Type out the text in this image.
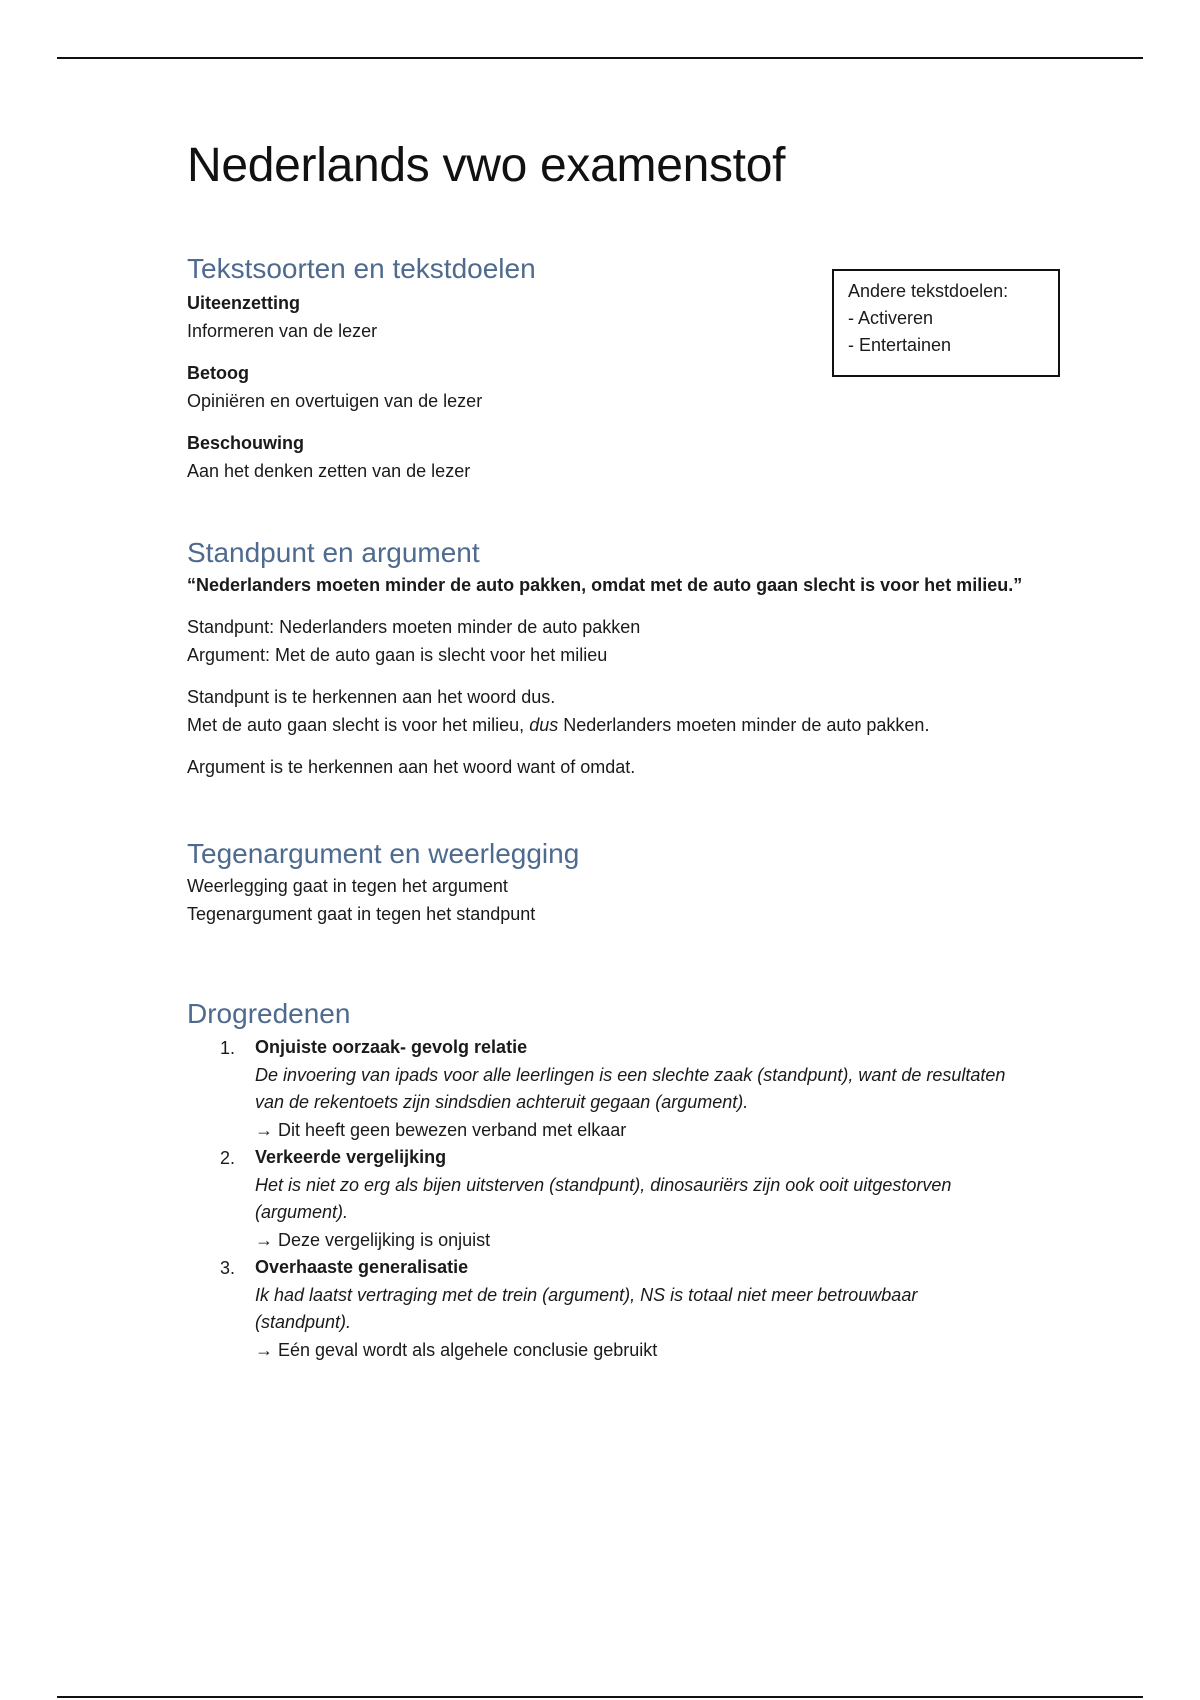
Nederlands vwo examenstof
Tekstsoorten en tekstdoelen

Uiteenzetting

Informeren van de lezer

Betoog

Opiniëren en overtuigen van de lezer

Beschouwing

Aan het denken zetten van de lezer

Andere tekstdoelen:

- Activeren

- Entertainen

Standpunt en argument

“Nederlanders moeten minder de auto pakken, omdat met de auto gaan slecht is voor het milieu.”

Standpunt: Nederlanders moeten minder de auto pakken

Argument: Met de auto gaan is slecht voor het milieu

Standpunt is te herkennen aan het woord dus.

Met de auto gaan slecht is voor het milieu, dus Nederlanders moeten minder de auto pakken.

Argument is te herkennen aan het woord want of omdat.

Tegenargument en weerlegging

Weerlegging gaat in tegen het argument

Tegenargument gaat in tegen het standpunt

Drogredenen
1. Onjuiste oorzaak- gevolg relatie

De invoering van ipads voor alle leerlingen is een slechte zaak (standpunt), want de resultaten

van de rekentoets zijn sindsdien achteruit gegaan (argument).

→ Dit heeft geen bewezen verband met elkaar

2. Verkeerde vergelijking

Het is niet zo erg als bijen uitsterven (standpunt), dinosauriërs zijn ook ooit uitgestorven

(argument).

→ Deze vergelijking is onjuist

3. Overhaaste generalisatie

Ik had laatst vertraging met de trein (argument), NS is totaal niet meer betrouwbaar

(standpunt).

→ Eén geval wordt als algehele conclusie gebruikt
